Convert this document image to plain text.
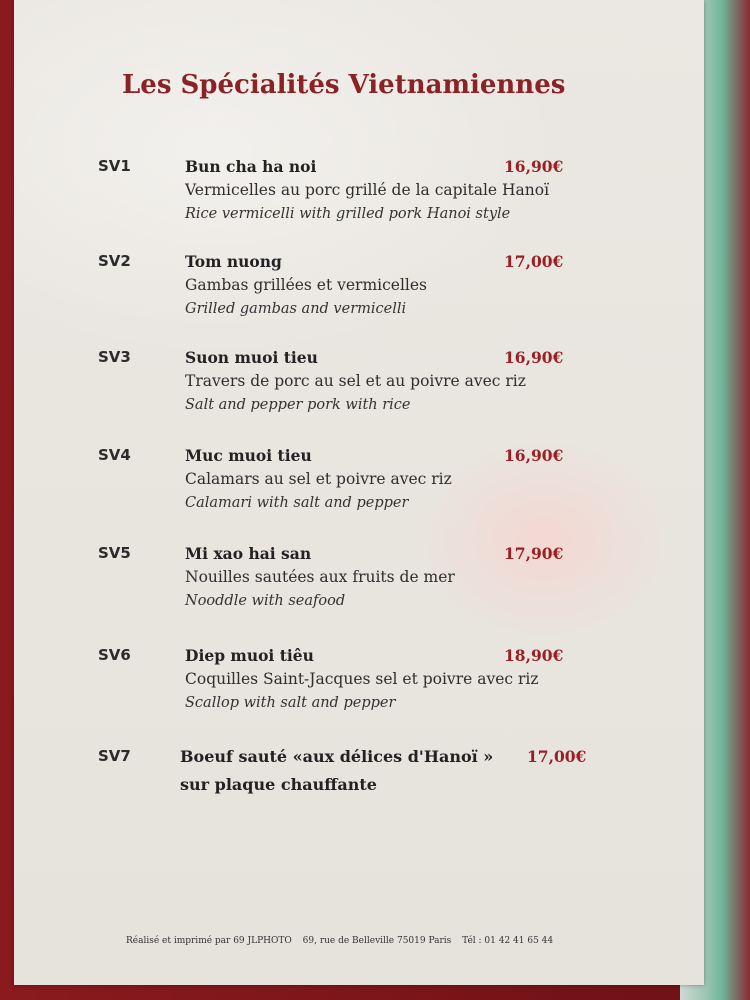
Les Spécialités Vietnamiennes
SV1	Bun cha ha noi	16,90€
Vermicelles au porc grillé de la capitale Hanoï
Rice vermicelli with grilled pork Hanoi style
SV2	Tom nuong	17,00€
Gambas grillées et vermicelles
Grilled gambas and vermicelli
SV3	Suon muoi tieu	16,90€
Travers de porc au sel et au poivre avec riz
Salt and pepper pork with rice
SV4	Muc muoi tieu	16,90€
Calamars au sel et poivre avec riz
Calamari with salt and pepper
SV5	Mi xao hai san	17,90€
Nouilles sautées aux fruits de mer
Nooddle with seafood
SV6	Diep muoi tiêu	18,90€
Coquilles Saint-Jacques sel et poivre avec riz
Scallop with salt and pepper
SV7	Boeuf sauté «aux délices d'Hanoï » 17,00€
sur plaque chauffante
Réalisé et imprimé par 69 JLPHOTO 69, rue de Belleville 75019 Paris Tél : 01 42 41 65 44
